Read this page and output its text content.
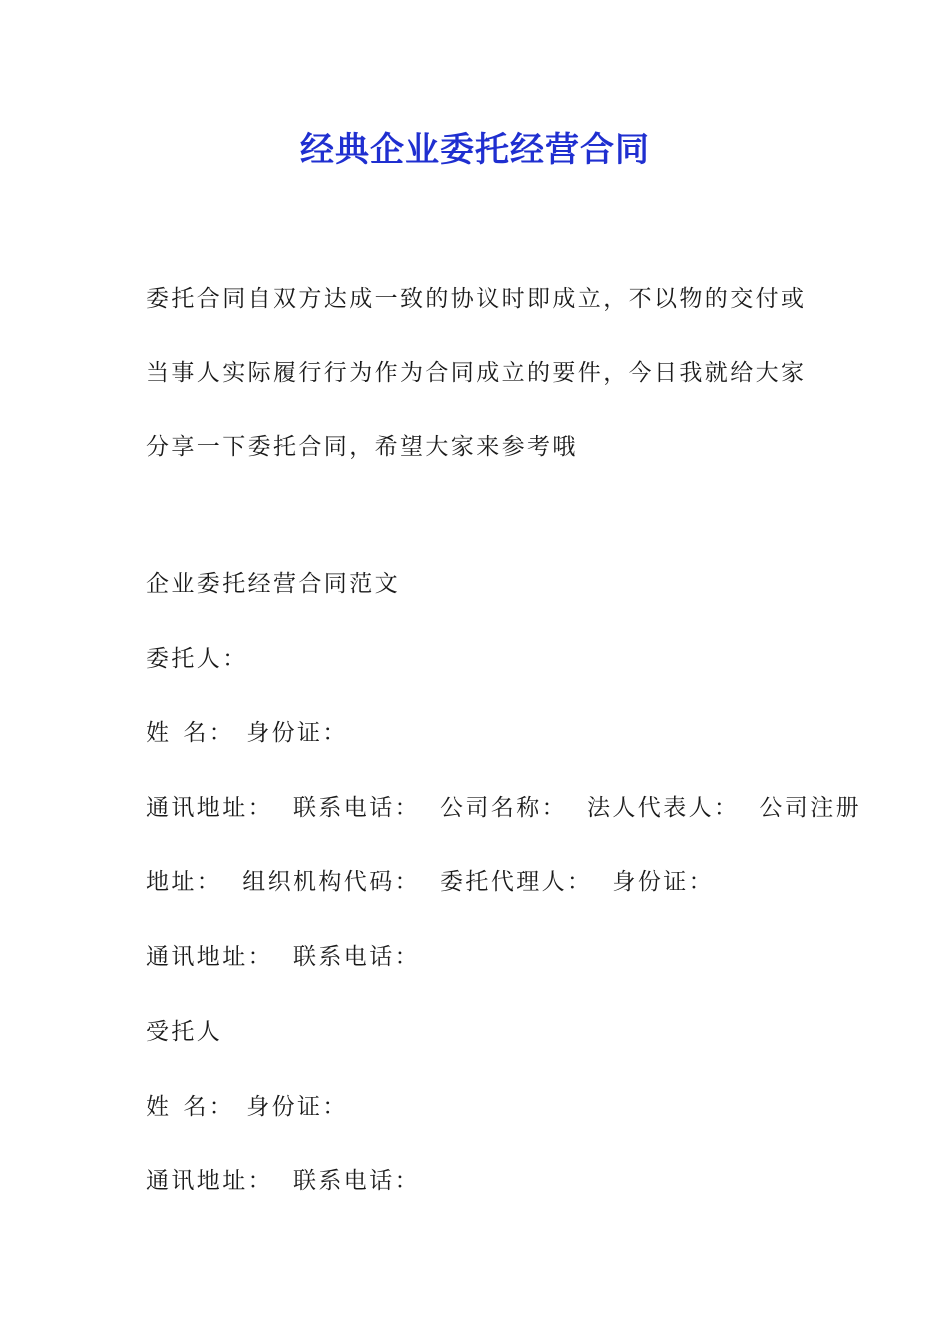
经典企业委托经营合同

委托合同自双方达成一致的协议时即成立，不以物的交付或当事人实际履行行为作为合同成立的要件，今日我就给大家分享一下委托合同，希望大家来参考哦

企业委托经营合同范文

委托人：

姓 名： 身份证：

通讯地址： 联系电话： 公司名称： 法人代表人： 公司注册

地址： 组织机构代码： 委托代理人： 身份证：

通讯地址： 联系电话：

受托人

姓 名： 身份证：

通讯地址： 联系电话：
